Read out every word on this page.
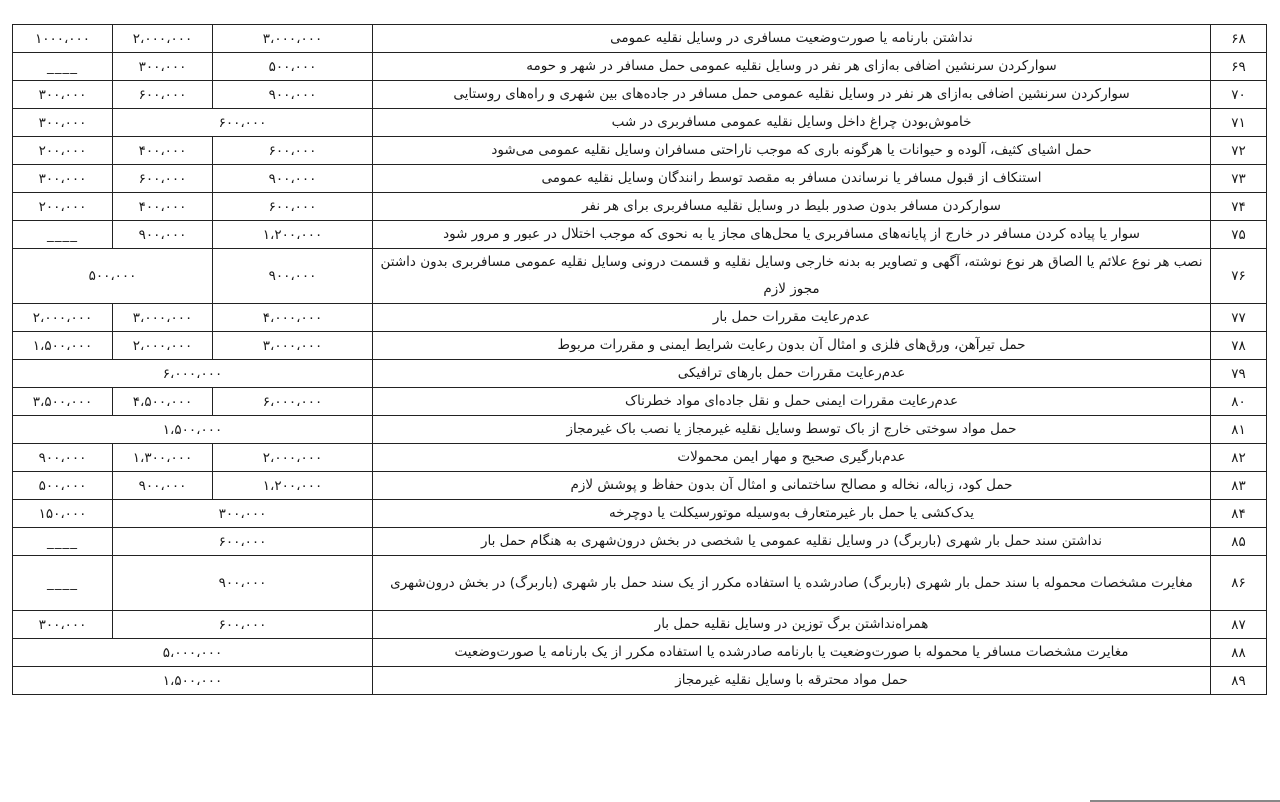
۱۰۰۰،۰۰۰	۲،۰۰۰،۰۰۰	۳،۰۰۰،۰۰۰	نداشتن بارنامه یا صورت‌وضعیت مسافری در وسایل نقلیه عمومی	۶۸
____	۳۰۰،۰۰۰	۵۰۰،۰۰۰	سوارکردن سرنشین اضافی به‌ازای هر نفر در وسایل نقلیه عمومی حمل مسافر در شهر و حومه	۶۹
۳۰۰،۰۰۰	۶۰۰،۰۰۰	۹۰۰،۰۰۰	سوارکردن سرنشین اضافی به‌ازای هر نفر در وسایل نقلیه عمومی حمل مسافر در جاده‌های بین شهری و راه‌های روستایی	۷۰
۳۰۰،۰۰۰	۶۰۰،۰۰۰		خاموش‌بودن چراغ داخل وسایل نقلیه عمومی مسافربری در شب	۷۱
۲۰۰،۰۰۰	۴۰۰،۰۰۰	۶۰۰،۰۰۰	حمل اشیای کثیف، آلوده و حیوانات یا هرگونه باری که موجب ناراحتی مسافران وسایل نقلیه عمومی می‌شود	۷۲
۳۰۰،۰۰۰	۶۰۰،۰۰۰	۹۰۰،۰۰۰	استنکاف از قبول مسافر یا نرساندن مسافر به مقصد توسط رانندگان وسایل نقلیه عمومی	۷۳
۲۰۰،۰۰۰	۴۰۰،۰۰۰	۶۰۰،۰۰۰	سوارکردن مسافر بدون صدور بلیط در وسایل نقلیه مسافربری برای هر نفر	۷۴
____	۹۰۰،۰۰۰	۱،۲۰۰،۰۰۰	سوار یا پیاده کردن مسافر در خارج از پایانه‌های مسافربری یا محل‌های مجاز یا به نحوی که موجب اختلال در عبور و مرور شود	۷۵
۵۰۰،۰۰۰		۹۰۰،۰۰۰	نصب هر نوع علائم یا الصاق هر نوع نوشته، آگهی و تصاویر به بدنه خارجی وسایل نقلیه و قسمت درونی وسایل نقلیه عمومی مسافربری بدون داشتن مجوز لازم	۷۶
۲،۰۰۰،۰۰۰	۳،۰۰۰،۰۰۰	۴،۰۰۰،۰۰۰	عدم‌رعایت مقررات حمل بار	۷۷
۱،۵۰۰،۰۰۰	۲،۰۰۰،۰۰۰	۳،۰۰۰،۰۰۰	حمل تیرآهن، ورق‌های فلزی و امثال آن بدون رعایت شرایط ایمنی و مقررات مربوط	۷۸
۶،۰۰۰،۰۰۰			عدم‌رعایت مقررات حمل بارهای ترافیکی	۷۹
۳،۵۰۰،۰۰۰	۴،۵۰۰،۰۰۰	۶،۰۰۰،۰۰۰	عدم‌رعایت مقررات ایمنی حمل و نقل جاده‌ای مواد خطرناک	۸۰
۱،۵۰۰،۰۰۰			حمل مواد سوختی خارج از باک توسط وسایل نقلیه غیرمجاز یا نصب باک غیرمجاز	۸۱
۹۰۰،۰۰۰	۱،۳۰۰،۰۰۰	۲،۰۰۰،۰۰۰	عدم‌بارگیری صحیح و مهار ایمن محمولات	۸۲
۵۰۰،۰۰۰	۹۰۰،۰۰۰	۱،۲۰۰،۰۰۰	حمل کود، زباله، نخاله و مصالح ساختمانی و امثال آن بدون حفاظ و پوشش لازم	۸۳
۱۵۰،۰۰۰	۳۰۰،۰۰۰		یدک‌کشی یا حمل بار غیرمتعارف به‌وسیله موتورسیکلت یا دوچرخه	۸۴
____	۶۰۰،۰۰۰		نداشتن سند حمل بار شهری (باربرگ) در وسایل نقلیه عمومی یا شخصی در بخش درون‌شهری به هنگام حمل بار	۸۵
____	۹۰۰،۰۰۰		مغایرت مشخصات محموله با سند حمل بار شهری (باربرگ) صادرشده یا استفاده مکرر از یک سند حمل بار شهری (باربرگ) در بخش درون‌شهری	۸۶
۳۰۰،۰۰۰	۶۰۰،۰۰۰		همراه‌نداشتن برگ توزین در وسایل نقلیه حمل بار	۸۷
۵،۰۰۰،۰۰۰			مغایرت مشخصات مسافر یا محموله با صورت‌وضعیت یا بارنامه صادرشده یا استفاده مکرر از یک بارنامه یا صورت‌وضعیت	۸۸
۱،۵۰۰،۰۰۰			حمل مواد محترقه با وسایل نقلیه غیرمجاز	۸۹
